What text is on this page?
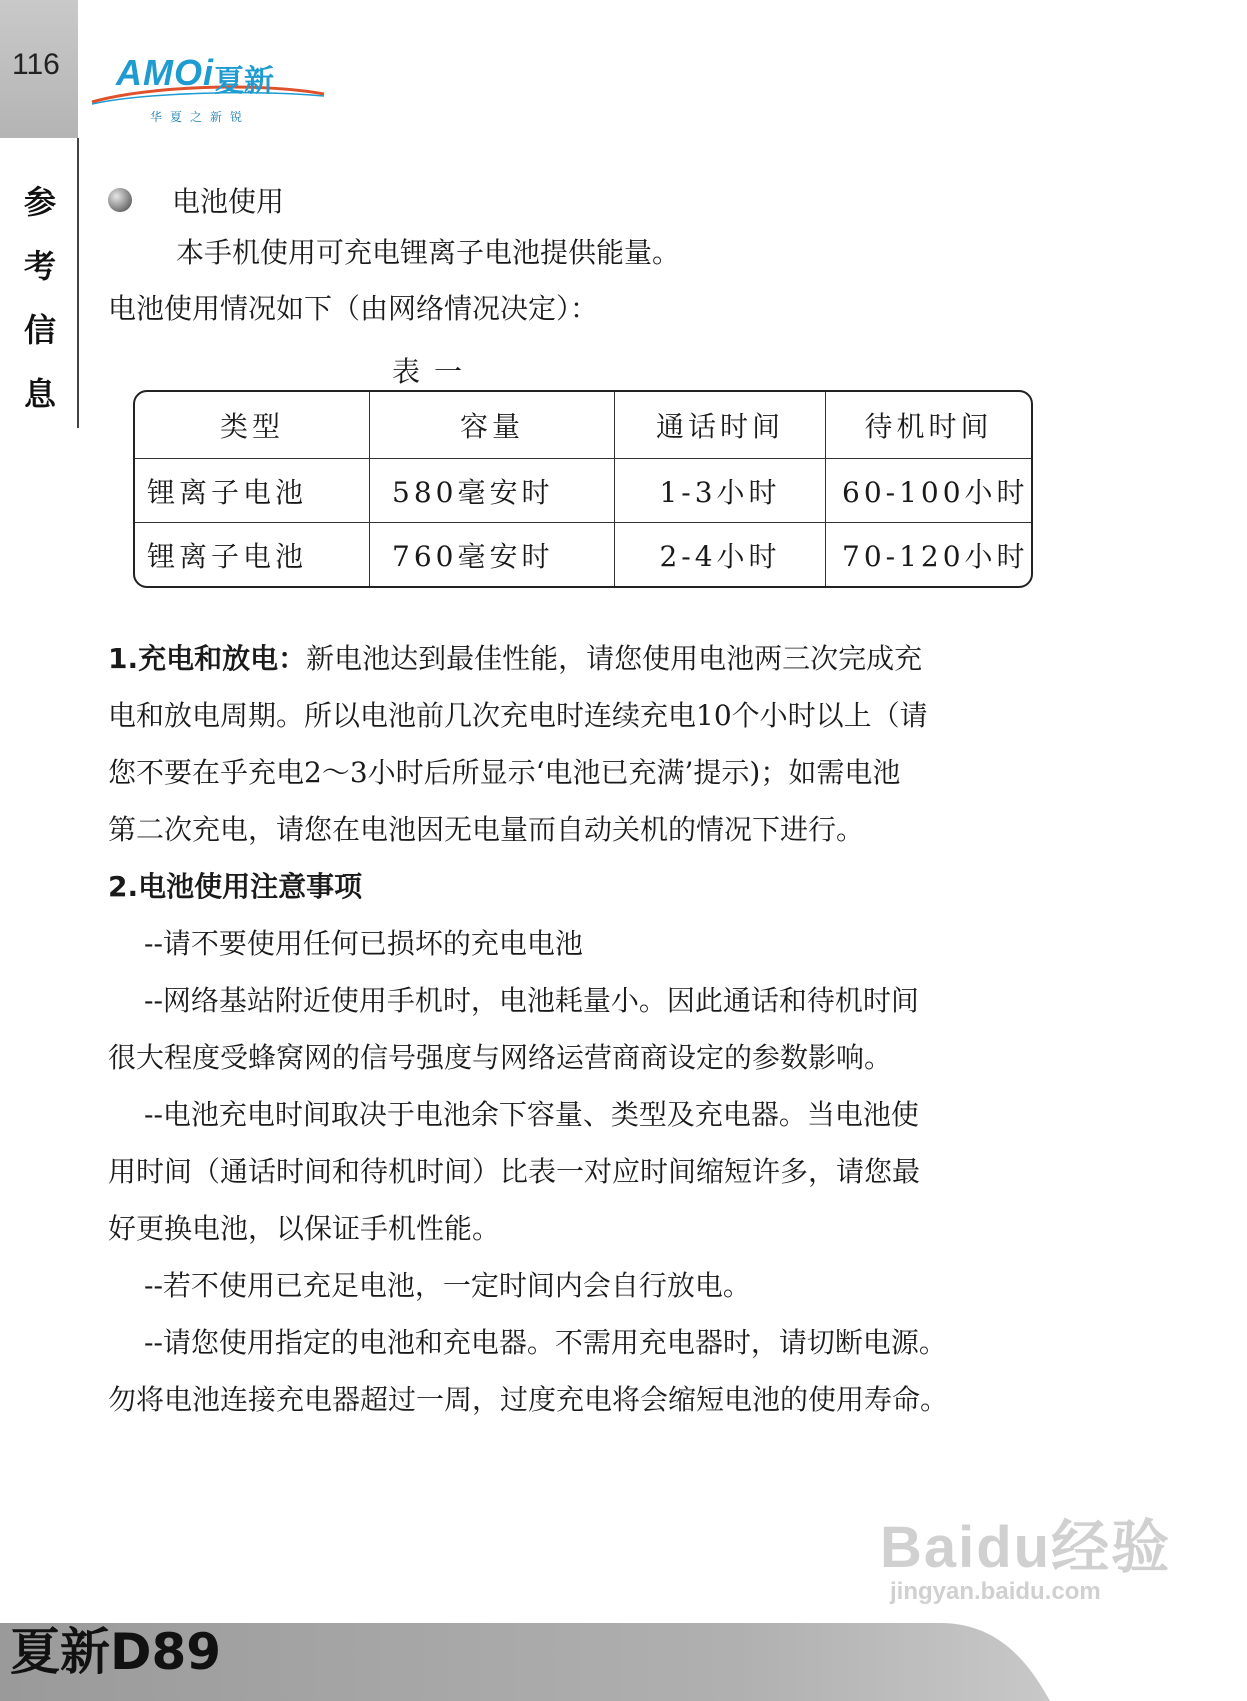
116
参
考
信
息
AMOi 夏新
华夏之新锐
电池使用
本手机使用可充电锂离子电池提供能量。
电池使用情况如下（由网络情况决定）：
表一
类型	容量	通话时间	待机时间
锂离子电池	580毫安时	1-3小时	60-100小时
锂离子电池	760毫安时	2-4小时	70-120小时
1.充电和放电：新电池达到最佳性能，请您使用电池两三次完成充
电和放电周期。所以电池前几次充电时连续充电10个小时以上（请
您不要在乎充电2～3小时后所显示‘电池已充满’提示)；如需电池
第二次充电，请您在电池因无电量而自动关机的情况下进行。
2.电池使用注意事项
--请不要使用任何已损坏的充电电池
--网络基站附近使用手机时，电池耗量小。因此通话和待机时间
很大程度受蜂窝网的信号强度与网络运营商商设定的参数影响。
--电池充电时间取决于电池余下容量、类型及充电器。当电池使
用时间（通话时间和待机时间）比表一对应时间缩短许多，请您最
好更换电池，以保证手机性能。
--若不使用已充足电池，一定时间内会自行放电。
--请您使用指定的电池和充电器。不需用充电器时，请切断电源。
勿将电池连接充电器超过一周，过度充电将会缩短电池的使用寿命。
Baidu经验
jingyan.baidu.com
夏新D89
